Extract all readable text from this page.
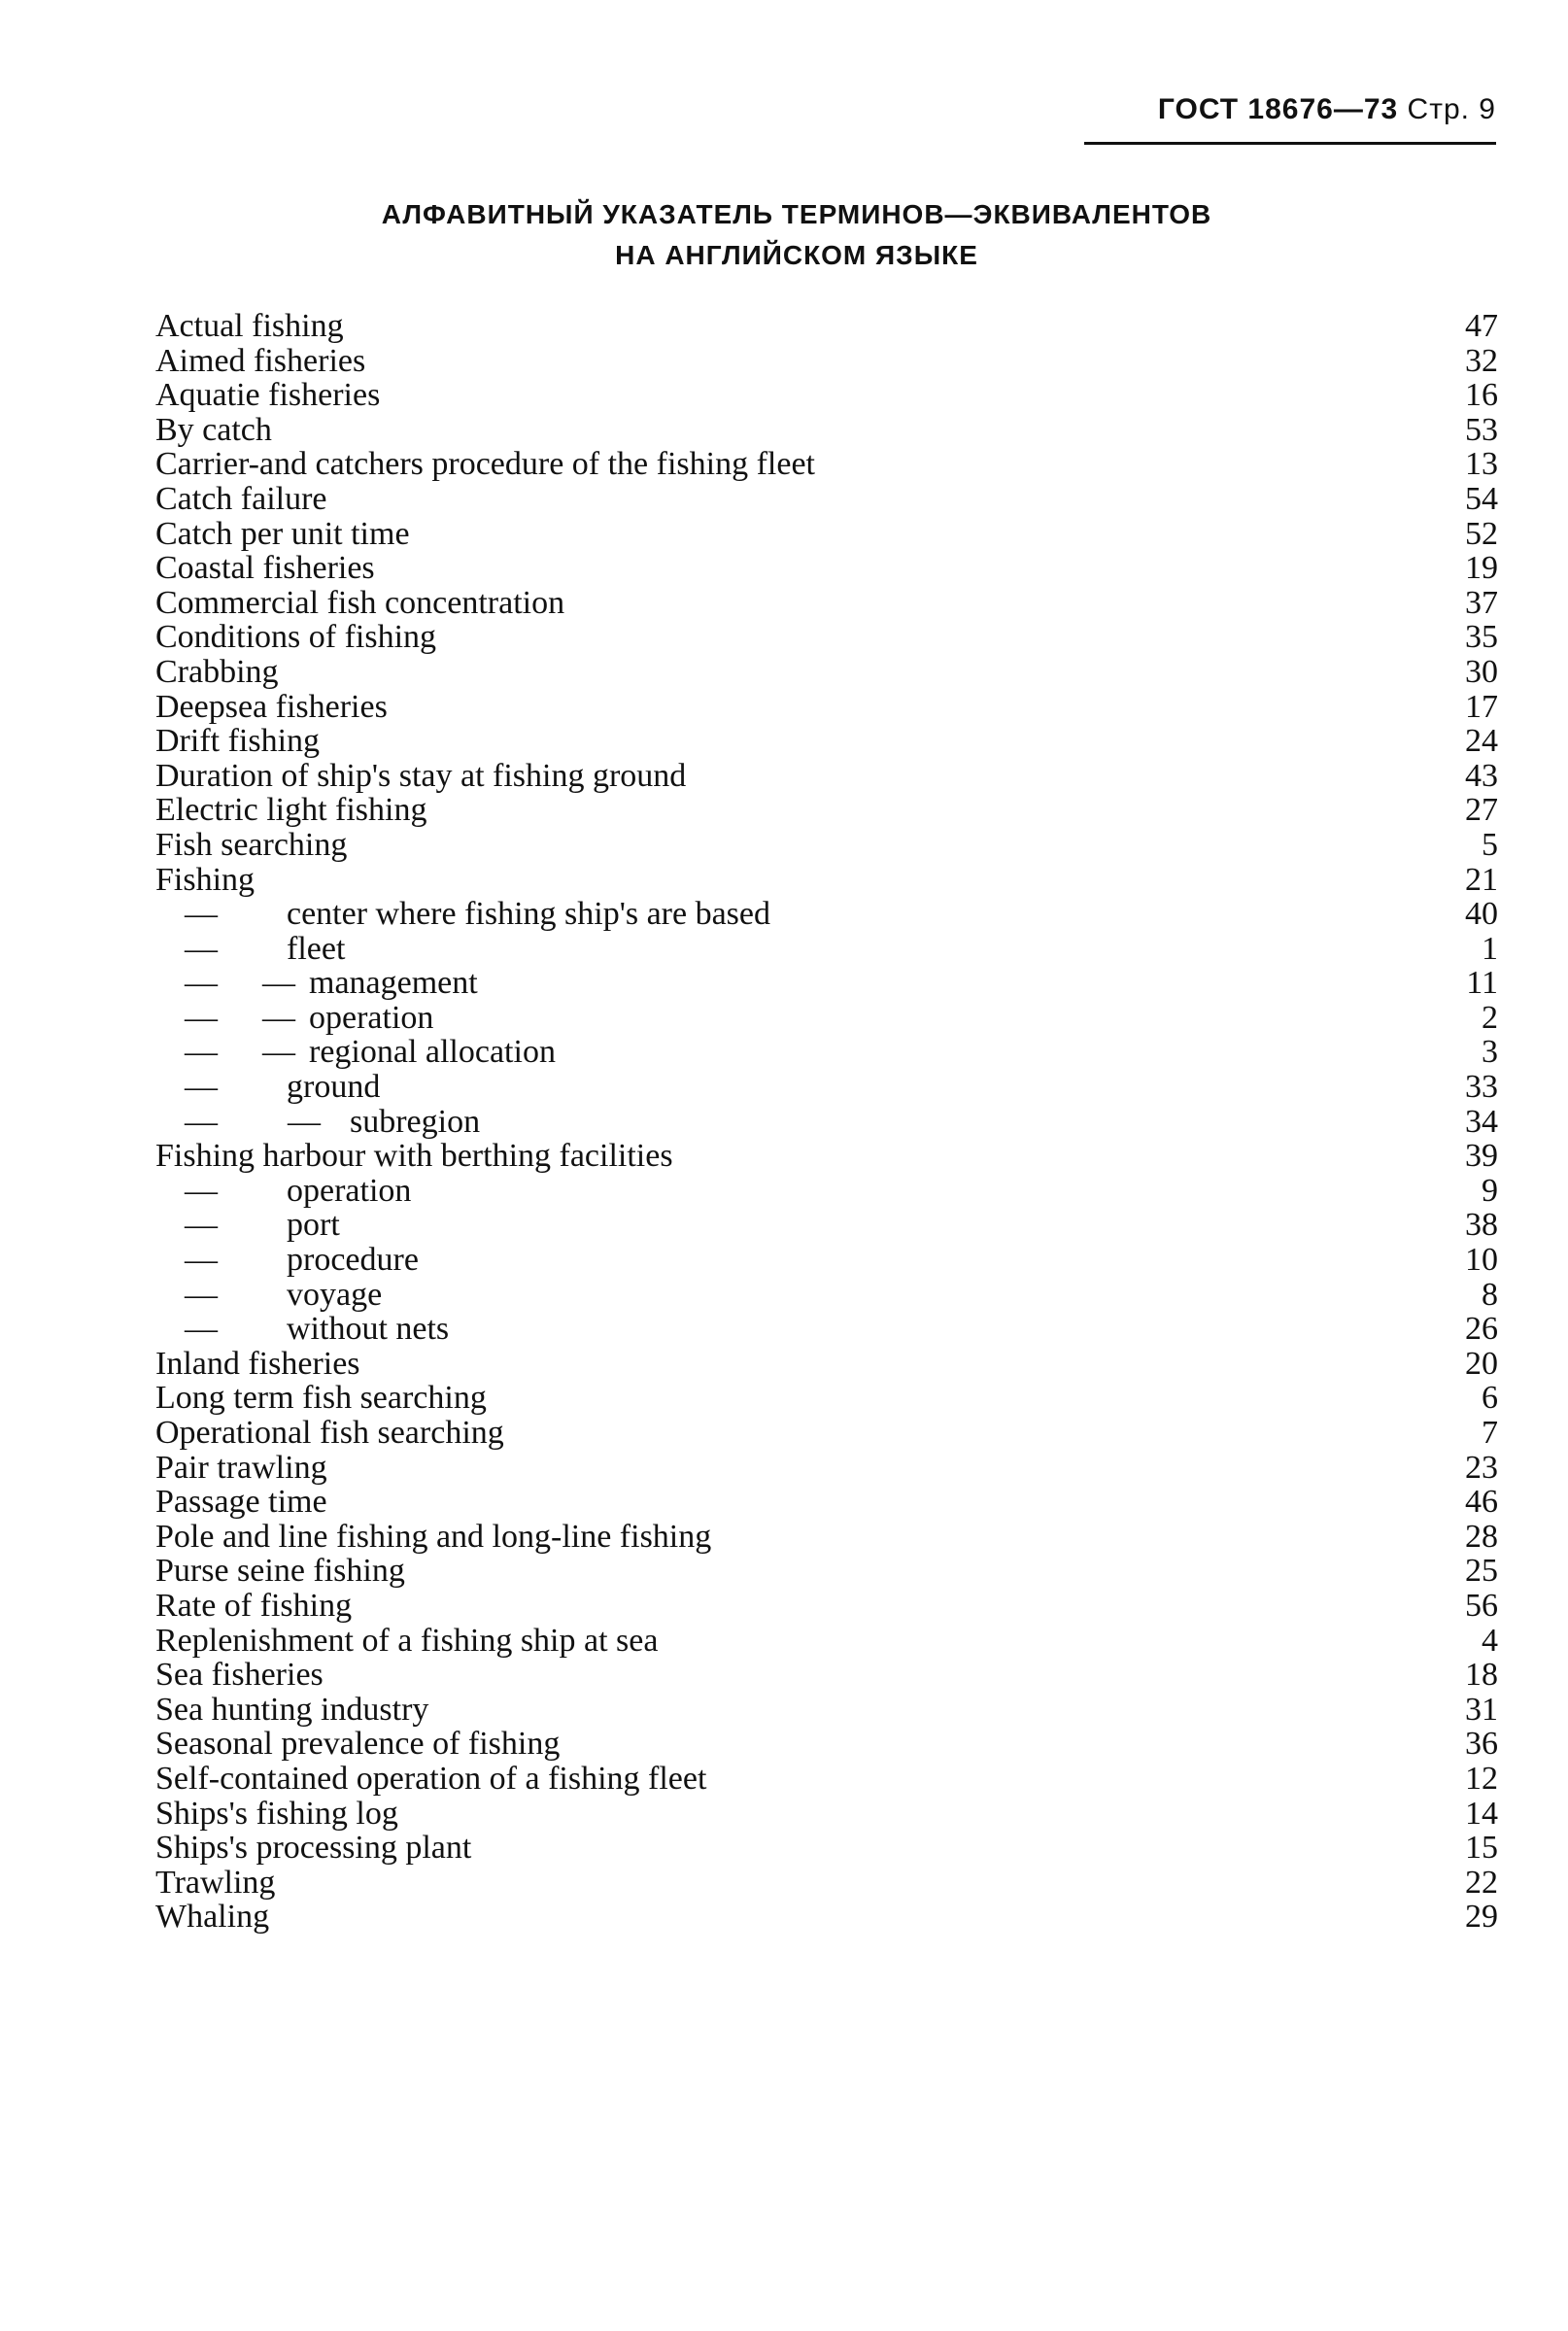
ГОСТ 18676—73 Стр. 9
АЛФАВИТНЫЙ УКАЗАТЕЛЬ ТЕРМИНОВ—ЭКВИВАЛЕНТОВ
НА АНГЛИЙСКОМ ЯЗЫКЕ
Actual fishing	47
Aimed fisheries	32
Aquatie fisheries	16
By catch	53
Carrier-and catchers procedure of the fishing fleet	13
Catch failure	54
Catch per unit time	52
Coastal fisheries	19
Commercial fish concentration	37
Conditions of fishing	35
Crabbing	30
Deepsea fisheries	17
Drift fishing	24
Duration of ship's stay at fishing ground	43
Electric light fishing	27
Fish searching	5
Fishing	21
— center where fishing ship's are based	40
— fleet	1
— — management	11
— — operation	2
— — regional allocation	3
— ground	33
— — subregion	34
Fishing harbour with berthing facilities	39
— operation	9
— port	38
— procedure	10
— voyage	8
— without nets	26
Inland fisheries	20
Long term fish searching	6
Operational fish searching	7
Pair trawling	23
Passage time	46
Pole and line fishing and long-line fishing	28
Purse seine fishing	25
Rate of fishing	56
Replenishment of a fishing ship at sea	4
Sea fisheries	18
Sea hunting industry	31
Seasonal prevalence of fishing	36
Self-contained operation of a fishing fleet	12
Ships's fishing log	14
Ships's processing plant	15
Trawling	22
Whaling	29
